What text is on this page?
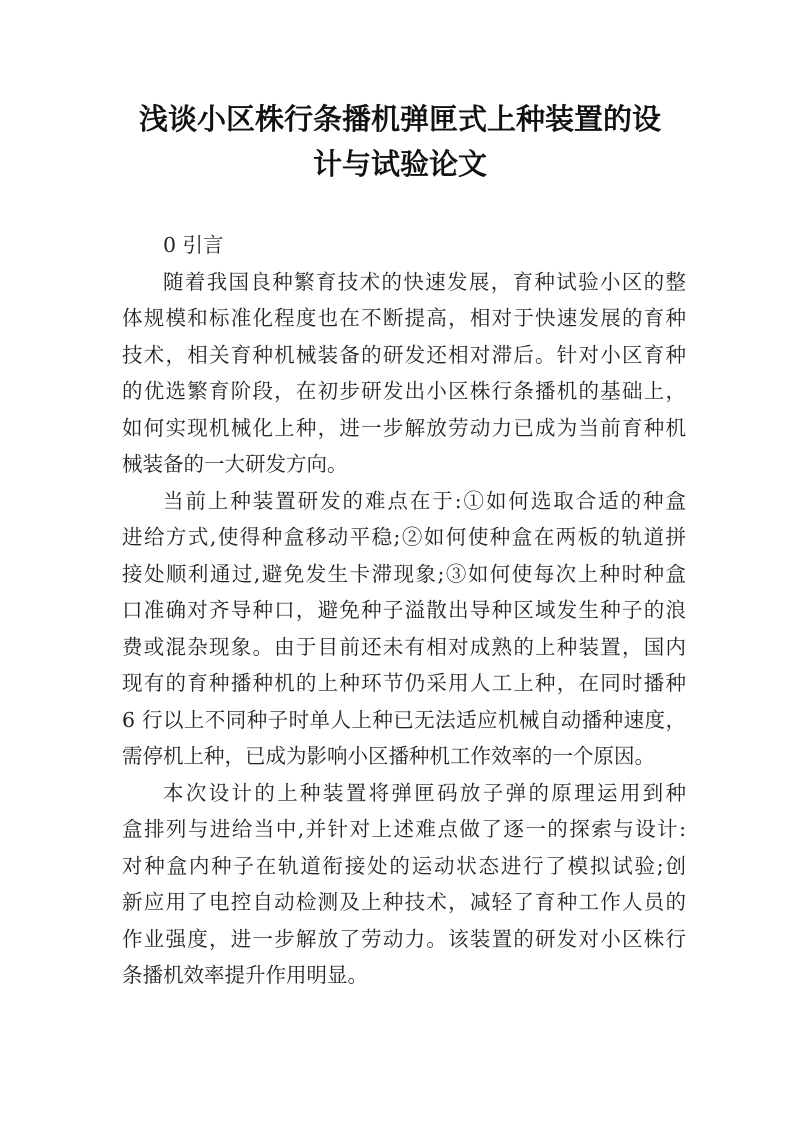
浅谈小区株行条播机弹匣式上种装置的设
计与试验论文

0 引言

随着我国良种繁育技术的快速发展，育种试验小区的整
体规模和标准化程度也在不断提高，相对于快速发展的育种
技术，相关育种机械装备的研发还相对滞后。针对小区育种
的优选繁育阶段，在初步研发出小区株行条播机的基础上，
如何实现机械化上种，进一步解放劳动力已成为当前育种机
械装备的一大研发方向。

当前上种装置研发的难点在于:①如何选取合适的种盒
进给方式,使得种盒移动平稳;②如何使种盒在两板的轨道拼
接处顺利通过,避免发生卡滞现象;③如何使每次上种时种盒
口准确对齐导种口，避免种子溢散出导种区域发生种子的浪
费或混杂现象。由于目前还未有相对成熟的上种装置，国内
现有的育种播种机的上种环节仍采用人工上种，在同时播种
6 行以上不同种子时单人上种已无法适应机械自动播种速度，
需停机上种，已成为影响小区播种机工作效率的一个原因。

本次设计的上种装置将弹匣码放子弹的原理运用到种
盒排列与进给当中,并针对上述难点做了逐一的探索与设计:
对种盒内种子在轨道衔接处的运动状态进行了模拟试验;创
新应用了电控自动检测及上种技术，减轻了育种工作人员的
作业强度，进一步解放了劳动力。该装置的研发对小区株行
条播机效率提升作用明显。
